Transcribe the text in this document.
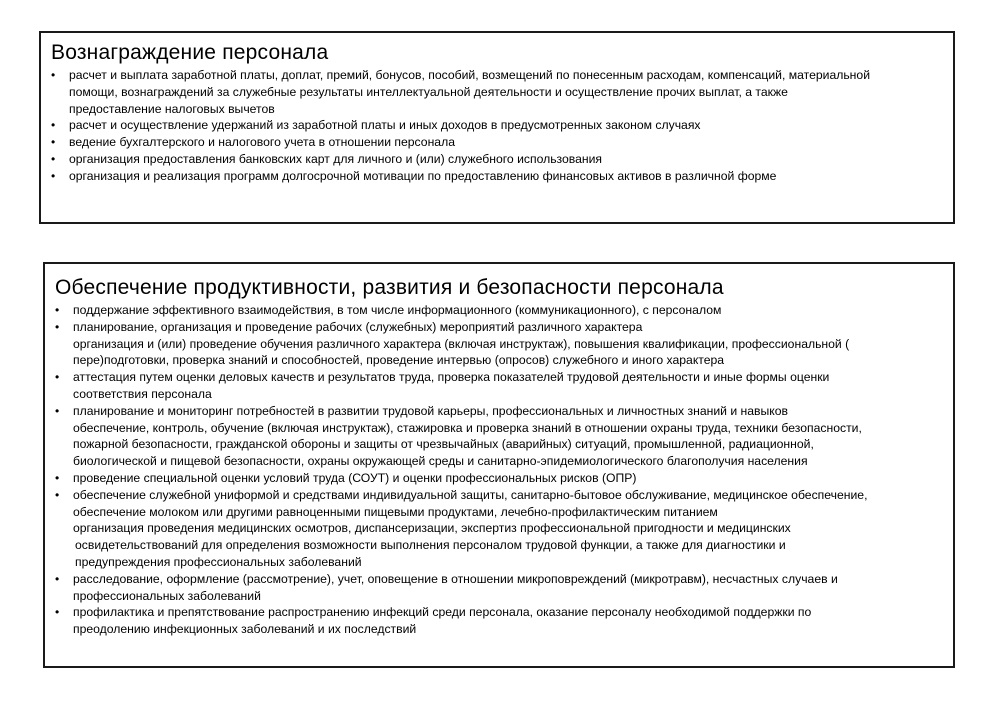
Вознаграждение персонала
• расчет и выплата заработной платы, доплат, премий, бонусов, пособий, возмещений по понесенным расходам, компенсаций, материальной
помощи, вознаграждений за служебные результаты интеллектуальной деятельности и осуществление прочих выплат, а также
предоставление налоговых вычетов
• расчет и осуществление удержаний из заработной платы и иных доходов в предусмотренных законом случаях
• ведение бухгалтерского и налогового учета в отношении персонала
• организация предоставления банковских карт для личного и (или) служебного использования
• организация и реализация программ долгосрочной мотивации по предоставлению финансовых активов в различной форме
Обеспечение продуктивности, развития и безопасности персонала
• поддержание эффективного взаимодействия, в том числе информационного (коммуникационного), с персоналом
• планирование, организация и проведение рабочих (служебных) мероприятий различного характера
организация и (или) проведение обучения различного характера (включая инструктаж), повышения квалификации, профессиональной (
пере)подготовки, проверка знаний и способностей, проведение интервью (опросов) служебного и иного характера
• аттестация путем оценки деловых качеств и результатов труда, проверка показателей трудовой деятельности и иные формы оценки
соответствия персонала
• планирование и мониторинг потребностей в развитии трудовой карьеры, профессиональных и личностных знаний и навыков
обеспечение, контроль, обучение (включая инструктаж), стажировка и проверка знаний в отношении охраны труда, техники безопасности,
пожарной безопасности, гражданской обороны и защиты от чрезвычайных (аварийных) ситуаций, промышленной, радиационной,
биологической и пищевой безопасности, охраны окружающей среды и санитарно-эпидемиологического благополучия населения
• проведение специальной оценки условий труда (СОУТ) и оценки профессиональных рисков (ОПР)
• обеспечение служебной униформой и средствами индивидуальной защиты, санитарно-бытовое обслуживание, медицинское обеспечение,
обеспечение молоком или другими равноценными пищевыми продуктами, лечебно-профилактическим питанием
организация проведения медицинских осмотров, диспансеризации, экспертиз профессиональной пригодности и медицинских
освидетельствований для определения возможности выполнения персоналом трудовой функции, а также для диагностики и
предупреждения профессиональных заболеваний
• расследование, оформление (рассмотрение), учет, оповещение в отношении микроповреждений (микротравм), несчастных случаев и
профессиональных заболеваний
• профилактика и препятствование распространению инфекций среди персонала, оказание персоналу необходимой поддержки по
преодолению инфекционных заболеваний и их последствий
